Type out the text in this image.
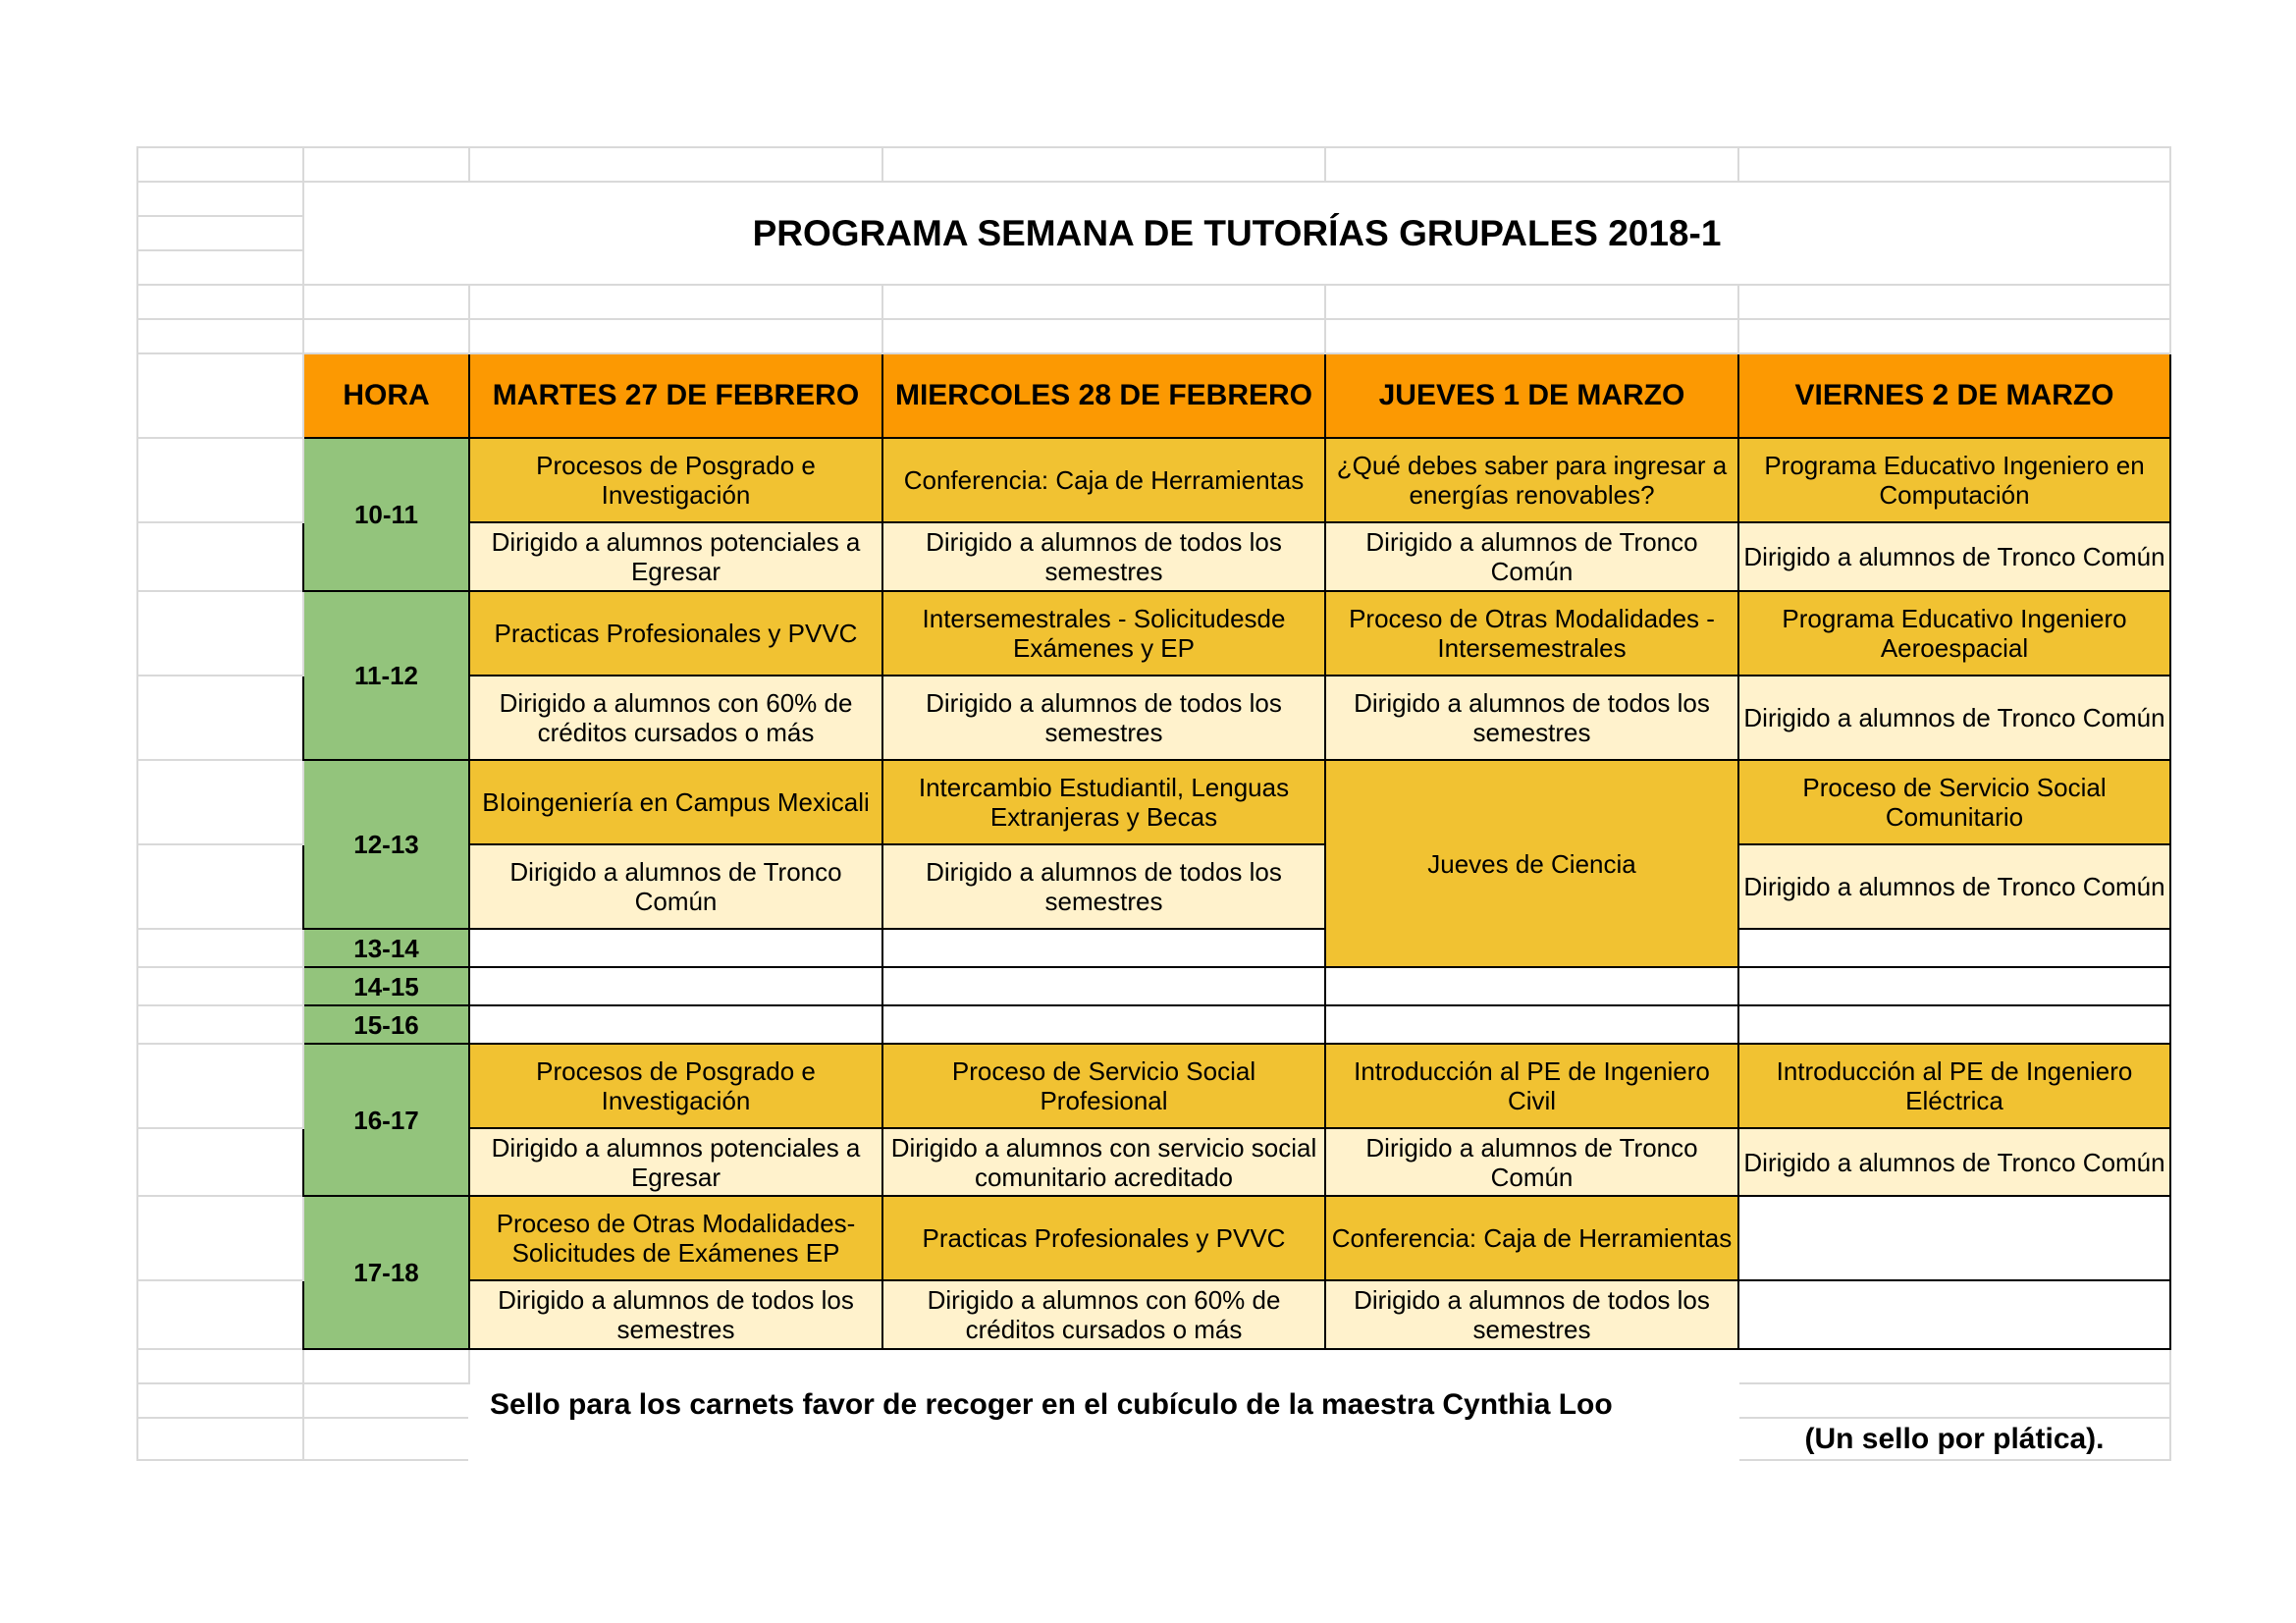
	PROGRAMA SEMANA DE TUTORÍAS GRUPALES 2018-1				

	HORA	MARTES 27 DE FEBRERO	MIERCOLES 28 DE FEBRERO	JUEVES 1 DE MARZO	VIERNES 2 DE MARZO
	10-11	Procesos de Posgrado e Investigación	Conferencia: Caja de Herramientas	¿Qué debes saber para ingresar a energías renovables?	Programa Educativo Ingeniero en Computación
		Dirigido a alumnos potenciales a Egresar	Dirigido a alumnos de todos los semestres	Dirigido a alumnos de Tronco Común	Dirigido a alumnos de Tronco Común
	11-12	Practicas Profesionales y PVVC	Intersemestrales - Solicitudesde Exámenes y EP	Proceso de Otras Modalidades - Intersemestrales	Programa Educativo Ingeniero Aeroespacial
		Dirigido a alumnos con 60% de créditos cursados o más	Dirigido a alumnos de todos los semestres	Dirigido a alumnos de todos los semestres	Dirigido a alumnos de Tronco Común
	12-13	BIoingeniería en Campus Mexicali	Intercambio Estudiantil, Lenguas Extranjeras y Becas	Jueves de Ciencia	Proceso de Servicio Social Comunitario
		Dirigido a alumnos de Tronco Común	Dirigido a alumnos de todos los semestres		Dirigido a alumnos de Tronco Común
	13-14				
	14-15				
	15-16				
	16-17	Procesos de Posgrado e Investigación	Proceso de Servicio Social Profesional	Introducción al PE de Ingeniero Civil	Introducción al PE de Ingeniero Eléctrica
		Dirigido a alumnos potenciales a Egresar	Dirigido a alumnos con servicio social comunitario acreditado	Dirigido a alumnos de Tronco Común	Dirigido a alumnos de Tronco Común
	17-18	Proceso de Otras Modalidades- Solicitudes de Exámenes EP	Practicas Profesionales y PVVC	Conferencia: Caja de Herramientas	
		Dirigido a alumnos de todos los semestres	Dirigido a alumnos con 60% de créditos cursados o más	Dirigido a alumnos de todos los semestres	
		Sello para los carnets favor de recoger en el cubículo de la maestra Cynthia Loo			

					(Un sello por plática).
